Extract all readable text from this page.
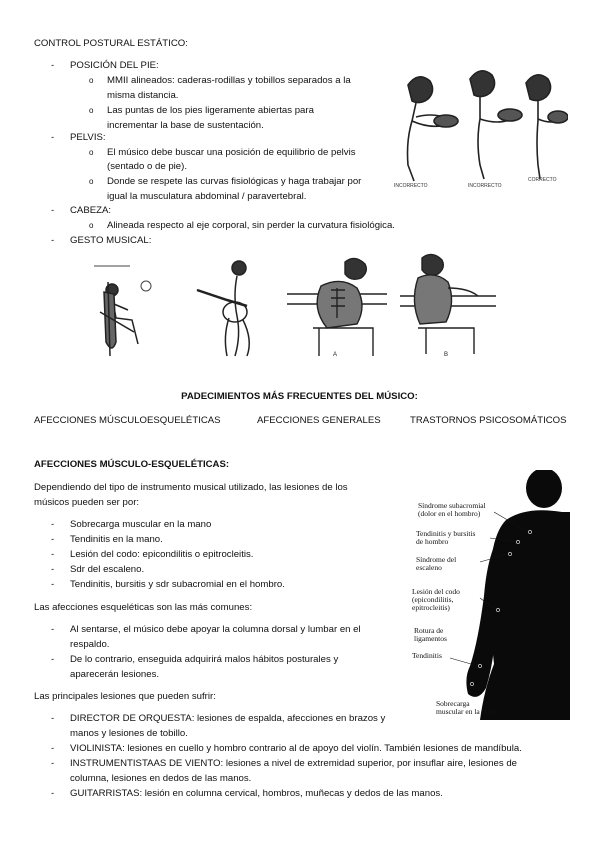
CONTROL POSTURAL ESTÁTICO:
- POSICIÓN DEL PIE:
o MMII alineados: caderas-rodillas y tobillos separados a la
misma distancia.
o Las puntas de los pies ligeramente abiertas para
incrementar la base de sustentación.
- PELVIS:
o El músico debe buscar una posición de equilibrio de pelvis
(sentado o de pie).
o Donde se respete las curvas fisiológicas y haga trabajar por
igual la musculatura abdominal / paravertebral.
- CABEZA:
o Alineada respecto al eje corporal, sin perder la curvatura fisiológica.
- GESTO MUSICAL:
INCORRECTO	INCORRECTO
CORRECTO
A	B
PADECIMIENTOS MÁS FRECUENTES DEL MÚSICO:
AFECCIONES MÚSCULOESQUELÉTICAS	AFECCIONES GENERALES	TRASTORNOS PSICOSOMÁTICOS
AFECCIONES MÚSCULO-ESQUELÉTICAS:
Dependiendo del tipo de instrumento musical utilizado, las lesiones de los
músicos pueden ser por:
- Sobrecarga muscular en la mano
- Tendinitis en la mano.
- Lesión del codo: epicondilitis o epitrocleitis.
- Sdr del escaleno.
- Tendinitis, bursitis y sdr subacromial en el hombro.
Las afecciones esqueléticas son las más comunes:
- Al sentarse, el músico debe apoyar la columna dorsal y lumbar en el
respaldo.
- De lo contrario, enseguida adquirirá malos hábitos posturales y
aparecerán lesiones.
Las principales lesiones que pueden sufrir:
- DIRECTOR DE ORQUESTA: lesiones de espalda, afecciones en brazos y
manos y lesiones de tobillo.
- VIOLINISTA: lesiones en cuello y hombro contrario al de apoyo del violín. También lesiones de mandíbula.
- INSTRUMENTISTAAS DE VIENTO: lesiones a nivel de extremidad superior, por insuflar aire, lesiones de
columna, lesiones en dedos de las manos.
- GUITARRISTAS: lesión en columna cervical, hombros, muñecas y dedos de las manos.
Síndrome subacromial
(dolor en el hombro)
Tendinitis y bursitis
de hombro
Síndrome del
escaleno
Lesión del codo
(epicondilitis,
epitrocleitis)
Rotura de
ligamentos
Tendinitis
Sobrecarga
muscular en la mano
